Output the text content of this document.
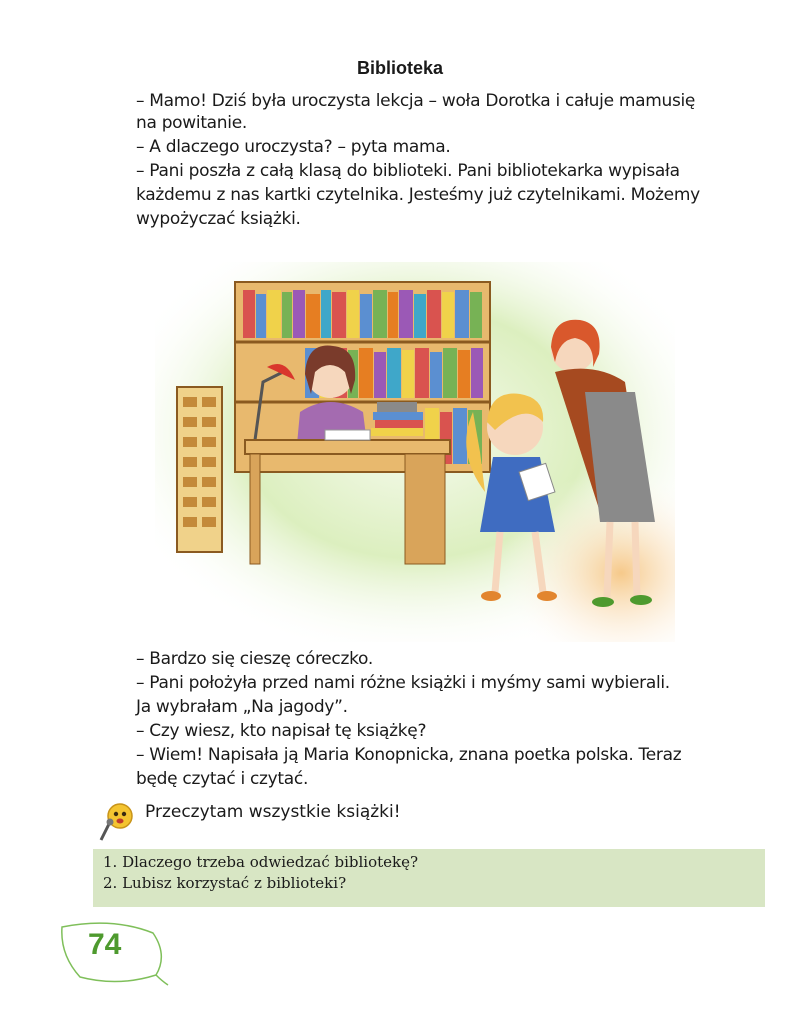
Biblioteka
– Mamo! Dziś była uroczysta lekcja – woła Dorotka i całuje mamusię
na powitanie.
– A dlaczego uroczysta? – pyta mama.
– Pani poszła z całą klasą do biblioteki. Pani bibliotekarka wypisała
każdemu z nas kartki czytelnika. Jesteśmy już czytelnikami. Możemy
wypożyczać książki.
– Bardzo się cieszę córeczko.
– Pani położyła przed nami różne książki i myśmy sami wybierali.
Ja wybrałam „Na jagody”.
– Czy wiesz, kto napisał tę książkę?
– Wiem! Napisała ją Maria Konopnicka, znana poetka polska. Teraz
będę czytać i czytać.
Przeczytam wszystkie książki!
1. Dlaczego trzeba odwiedzać bibliotekę?
2. Lubisz korzystać z biblioteki?
74
